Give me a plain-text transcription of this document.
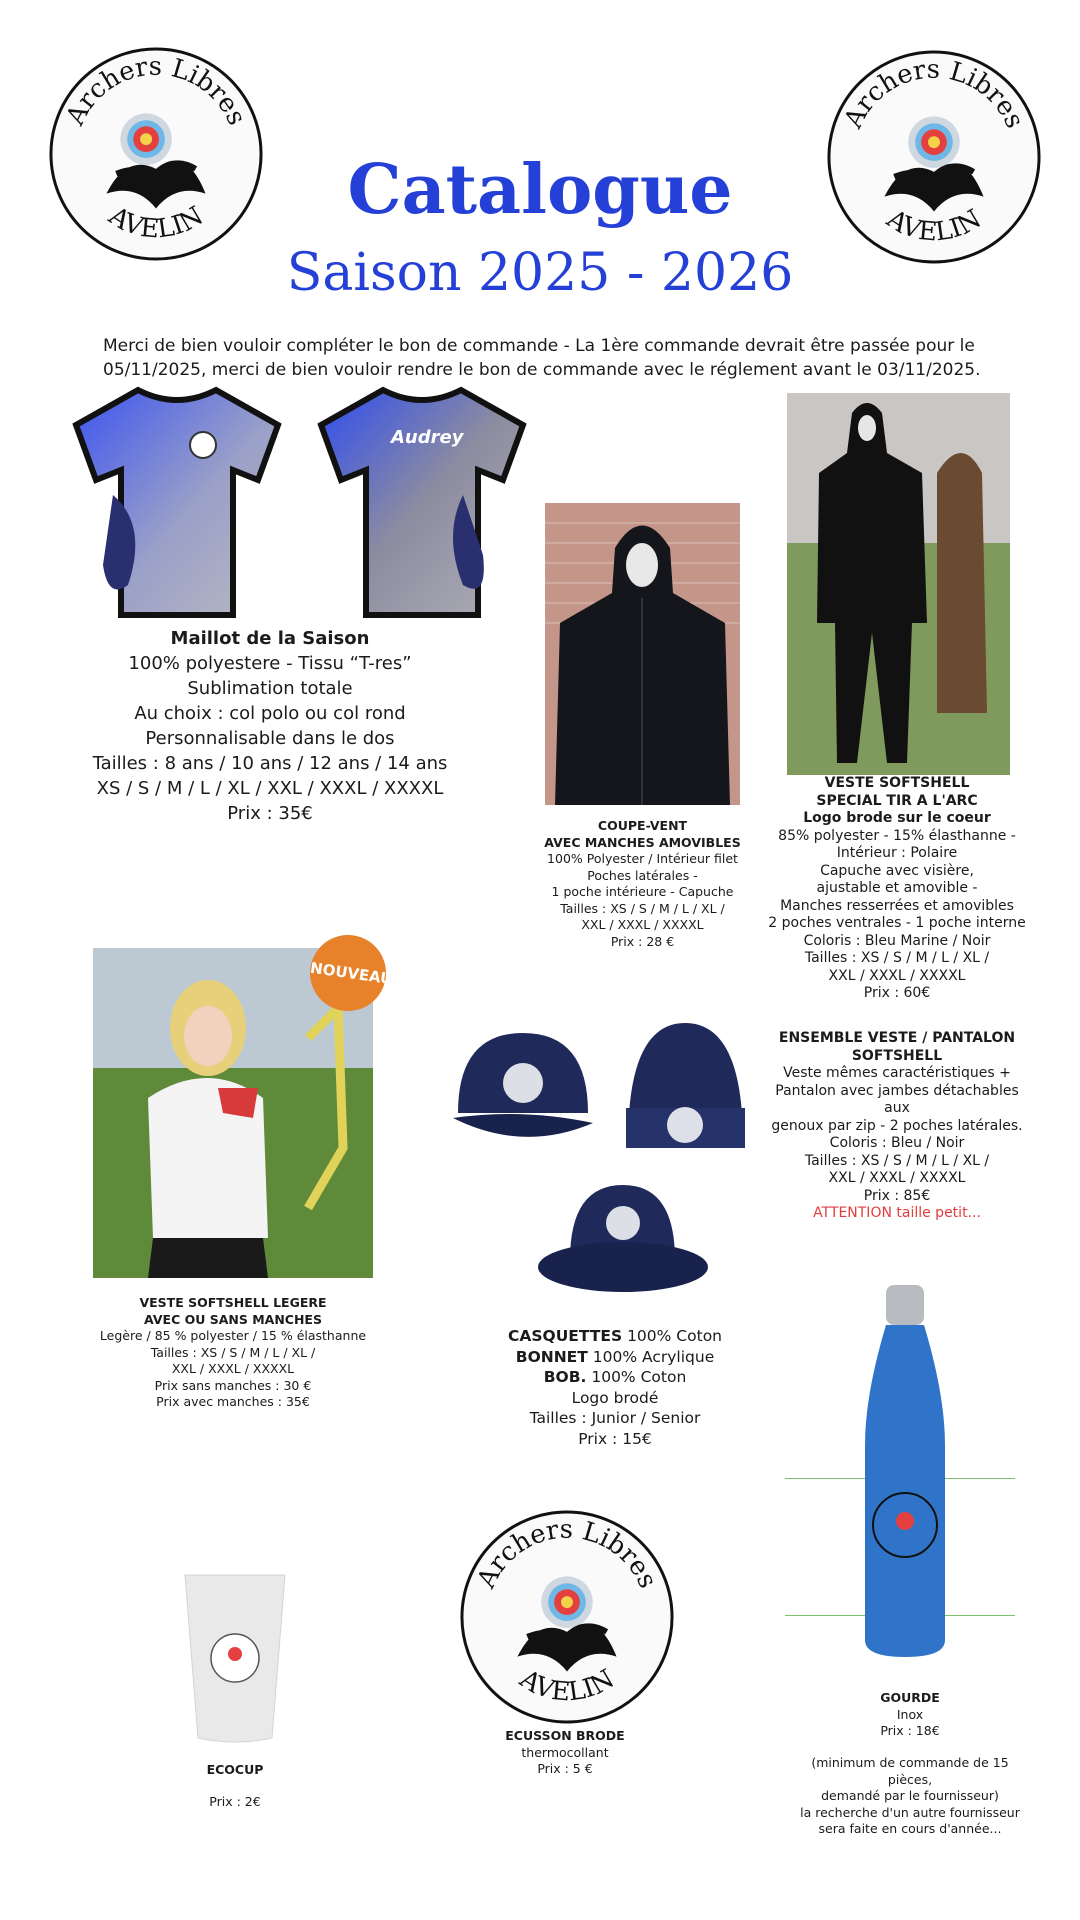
Archers Libres
AVELIN
Archers Libres
AVELIN
Catalogue
Saison 2025 - 2026
Merci de bien vouloir compléter le bon de commande - La 1ère commande devrait être passée pour le
05/11/2025, merci de bien vouloir rendre le bon de commande avec le réglement avant le 03/11/2025.
Audrey
Maillot de la Saison
100% polyestere - Tissu “T-res”
Sublimation totale
Au choix : col polo ou col rond
Personnalisable dans le dos
Tailles : 8 ans / 10 ans / 12 ans / 14 ans
XS / S / M / L / XL / XXL / XXXL / XXXXL
Prix : 35€
COUPE-VENT
AVEC MANCHES AMOVIBLES
100% Polyester / Intérieur filet
Poches latérales -
1 poche intérieure - Capuche
Tailles : XS / S / M / L / XL /
XXL / XXXL / XXXXL
Prix : 28 €
VESTE SOFTSHELL
SPECIAL TIR A L'ARC
Logo brode sur le coeur
85% polyester - 15% élasthanne -
Intérieur : Polaire
Capuche avec visière,
ajustable et amovible -
Manches resserrées et amovibles
2 poches ventrales - 1 poche interne
Coloris : Bleu Marine / Noir
Tailles : XS / S / M / L / XL /
XXL / XXXL / XXXXL
Prix : 60€
ENSEMBLE VESTE / PANTALON
SOFTSHELL
Veste mêmes caractéristiques +
Pantalon avec jambes détachables aux
genoux par zip - 2 poches latérales.
Coloris : Bleu / Noir
Tailles : XS / S / M / L / XL /
XXL / XXXL / XXXXL
Prix : 85€
ATTENTION taille petit...
NOUVEAU
VESTE SOFTSHELL LEGERE
AVEC OU SANS MANCHES
Legère / 85 % polyester / 15 % élasthanne
Tailles : XS / S / M / L / XL /
XXL / XXXL / XXXXL
Prix sans manches : 30 €
Prix avec manches : 35€
CASQUETTES 100% Coton
BONNET 100% Acrylique
BOB. 100% Coton
Logo brodé
Tailles : Junior / Senior
Prix : 15€
GOURDE
Inox
Prix : 18€
(minimum de commande de 15 pièces,
demandé par le fournisseur)
la recherche d'un autre fournisseur
sera faite en cours d'année...
ECOCUP
Prix : 2€
Archers Libres
AVELIN
ECUSSON BRODE
thermocollant
Prix : 5 €
